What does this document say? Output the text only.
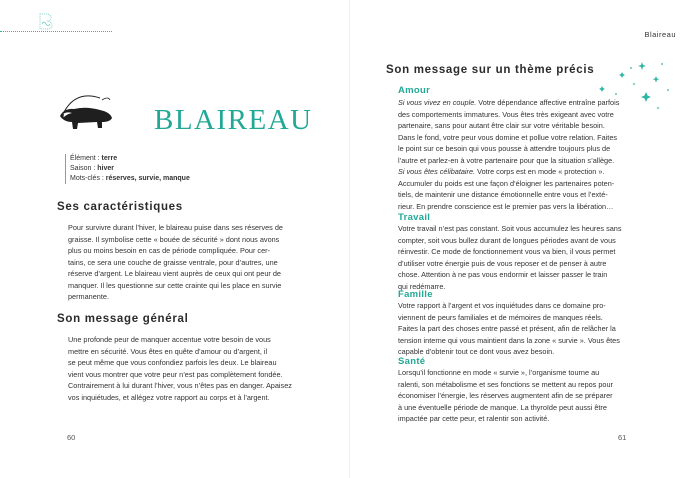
BLAIREAU
Élément : terre
Saison : hiver
Mots-clés : réserves, survie, manque
Ses caractéristiques
Pour survivre durant l’hiver, le blaireau puise dans ses réserves de
graisse. Il symbolise cette « bouée de sécurité » dont nous avons
plus ou moins besoin en cas de période compliquée. Pour cer-
tains, ce sera une couche de graisse ventrale, pour d’autres, une
réserve d’argent. Le blaireau vient auprès de ceux qui ont peur de
manquer. Il les questionne sur cette crainte qui les place en survie
permanente.
Son message général
Une profonde peur de manquer accentue votre besoin de vous
mettre en sécurité. Vous êtes en quête d’amour ou d’argent, il
se peut même que vous confondiez parfois les deux. Le blaireau
vient vous montrer que votre peur n’est pas complètement fondée.
Contrairement à lui durant l’hiver, vous n’êtes pas en danger. Apaisez
vos inquiétudes, et allégez votre rapport au corps et à l’argent.
60
Blaireau
Son message sur un thème précis
Amour
Si vous vivez en couple. Votre dépendance affective entraîne parfois
des comportements immatures. Vous êtes très exigeant avec votre
partenaire, sans pour autant être clair sur votre véritable besoin.
Dans le fond, votre peur vous domine et pollue votre relation. Faites
le point sur ce besoin qui vous pousse à attendre toujours plus de
l’autre et parlez-en à votre partenaire pour que la situation s’allège.
Si vous êtes célibataire. Votre corps est en mode « protection ».
Accumuler du poids est une façon d’éloigner les partenaires poten-
tiels, de maintenir une distance émotionnelle entre vous et l’exté-
rieur. En prendre conscience est le premier pas vers la libération…
Travail
Votre travail n’est pas constant. Soit vous accumulez les heures sans
compter, soit vous bullez durant de longues périodes avant de vous
réinvestir. Ce mode de fonctionnement vous va bien, il vous permet
d’utiliser votre énergie puis de vous reposer et de penser à autre
chose. Attention à ne pas vous endormir et laisser passer le train
qui redémarre.
Famille
Votre rapport à l’argent et vos inquiétudes dans ce domaine pro-
viennent de peurs familiales et de mémoires de manques réels.
Faites la part des choses entre passé et présent, afin de relâcher la
tension interne qui vous maintient dans la zone « survie ». Vous êtes
capable d’obtenir tout ce dont vous avez besoin.
Santé
Lorsqu’il fonctionne en mode « survie », l’organisme tourne au
ralenti, son métabolisme et ses fonctions se mettent au repos pour
économiser l’énergie, les réserves augmentent afin de se préparer
à une éventuelle période de manque. La thyroïde peut aussi être
impactée par cette peur, et ralentir son activité.
61
